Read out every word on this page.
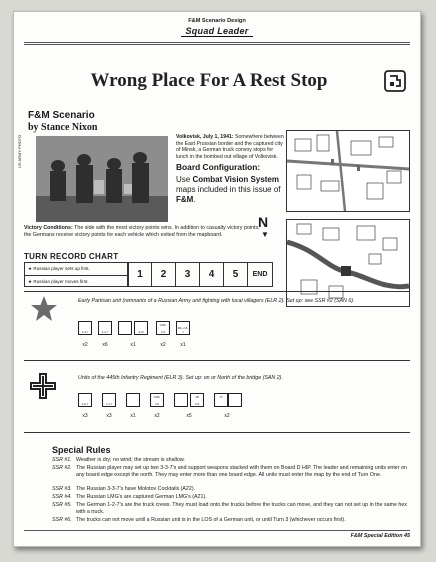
F&M Scenario Design
Squad Leader
Wrong Place For A Rest Stop
F&M Scenario
by Stance Nixon
US ARMY PHOTO	Volkovisk, July 1, 1941: Somewhere between the East Prussian border and the captured city of Minsk, a German truck convoy stops for lunch in the bombed out village of Volkovisk.
Board Configuration:
Use Combat Vision System maps included in this issue of F&M.
N
▼
Victory Conditions: The side with the most victory points wins. In addition to casualty victory points, the Germans receive victory points for each vehicle which exited from the mapboard.
TURN RECORD CHART
★ Russian player sets up first.
★ Russian player moves first.
1	2	3	4	5	END
Early Partisan unit (remnants of a Russian Army unit fighting with local villagers (ELR 2). Set up: see SSR #2 (SAN 6).
4-4-7	2-2-7	4-10	2-6
LMG
MG 2-8-1
x2	x6	x1	x2	x1
Units of the 445th Infantry Regiment (ELR 3). Set up: on or North of the bridge (SAN 2).
4-6-7	1-2-7	3-6
LMG
2-8
2B	33
x3	x3	x1	x2	x5	x2
Special Rules
SSR #1. Weather is dry; no wind; the stream is shallow.
SSR #2. The Russian player may set up two 3-3-7's and support weapons stacked with them on Board D HIP. The leader and remaining units enter on any board edge except the north. They may enter more than one board edge. All units must enter the map by the end of Turn One.
SSR #3. The Russian 3-3-7's have Molotov Cocktails (A22).
SSR #4. The Russian LMG's are captured German LMG's (A21).
SSR #5. The German 1-2-7's are the truck crews. They must load onto the trucks before the trucks can move, and they can not set up in the same hex with a truck.
SSR #6. The trucks can not move until a Russian unit is in the LOS of a German unit, or until Turn 3 (whichever occurs first).
F&M Special Edition 45
